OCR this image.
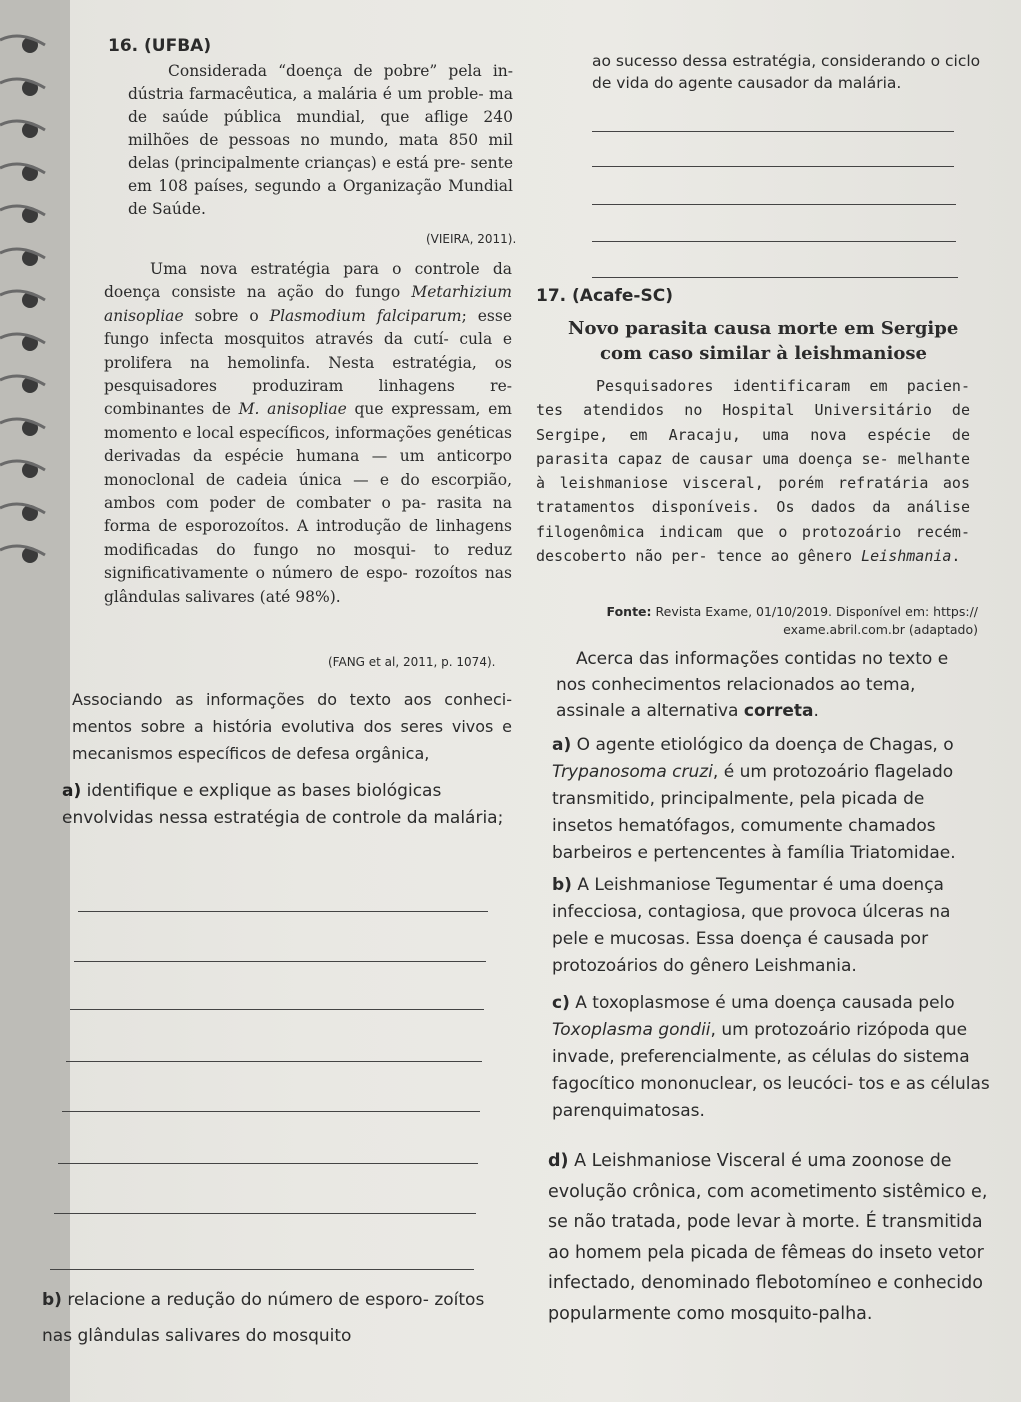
16. (UFBA)

Considerada “doença de pobre” pela in- dústria farmacêutica, a malária é um proble- ma de saúde pública mundial, que aflige 240 milhões de pessoas no mundo, mata 850 mil delas (principalmente crianças) e está pre- sente em 108 países, segundo a Organização Mundial de Saúde.

(VIEIRA, 2011).

Uma nova estratégia para o controle da doença consiste na ação do fungo Metarhizium anisopliae sobre o Plasmodium falciparum; esse fungo infecta mosquitos através da cutí- cula e prolifera na hemolinfa. Nesta estratégia, os pesquisadores produziram linhagens re- combinantes de M. anisopliae que expressam, em momento e local específicos, informações genéticas derivadas da espécie humana — um anticorpo monoclonal de cadeia única — e do escorpião, ambos com poder de combater o pa- rasita na forma de esporozoítos. A introdução de linhagens modificadas do fungo no mosqui- to reduz significativamente o número de espo- rozoítos nas glândulas salivares (até 98%).

(FANG et al, 2011, p. 1074).

Associando as informações do texto aos conheci- mentos sobre a história evolutiva dos seres vivos e mecanismos específicos de defesa orgânica,

a) identifique e explique as bases biológicas envolvidas nessa estratégia de controle da malária;
b) relacione a redução do número de esporo- zoítos nas glândulas salivares do mosquito
ao sucesso dessa estratégia, considerando o ciclo de vida do agente causador da malária.
17. (Acafe-SC)
Novo parasita causa morte em Sergipe
com caso similar à leishmaniose

Pesquisadores identificaram em pacien- tes atendidos no Hospital Universitário de Sergipe, em Aracaju, uma nova espécie de parasita capaz de causar uma doença se- melhante à leishmaniose visceral, porém refratária aos tratamentos disponíveis. Os dados da análise filogenômica indicam que o protozoário recém-descoberto não per- tence ao gênero Leishmania.

Fonte: Revista Exame, 01/10/2019. Disponível em: https:// exame.abril.com.br (adaptado)

Acerca das informações contidas no texto e nos conhecimentos relacionados ao tema, assinale a alternativa correta.

a) O agente etiológico da doença de Chagas, o Trypanosoma cruzi, é um protozoário flagelado transmitido, principalmente, pela picada de insetos hematófagos, comumente chamados barbeiros e pertencentes à família Triatomidae.
b) A Leishmaniose Tegumentar é uma doença infecciosa, contagiosa, que provoca úlceras na pele e mucosas. Essa doença é causada por protozoários do gênero Leishmania.
c) A toxoplasmose é uma doença causada pelo Toxoplasma gondii, um protozoário rizópoda que invade, preferencialmente, as células do sistema fagocítico mononuclear, os leucóci- tos e as células parenquimatosas.
d) A Leishmaniose Visceral é uma zoonose de evolução crônica, com acometimento sistêmico e, se não tratada, pode levar à morte. É transmitida ao homem pela picada de fêmeas do inseto vetor infectado, denominado flebotomíneo e conhecido popularmente como mosquito-palha.
